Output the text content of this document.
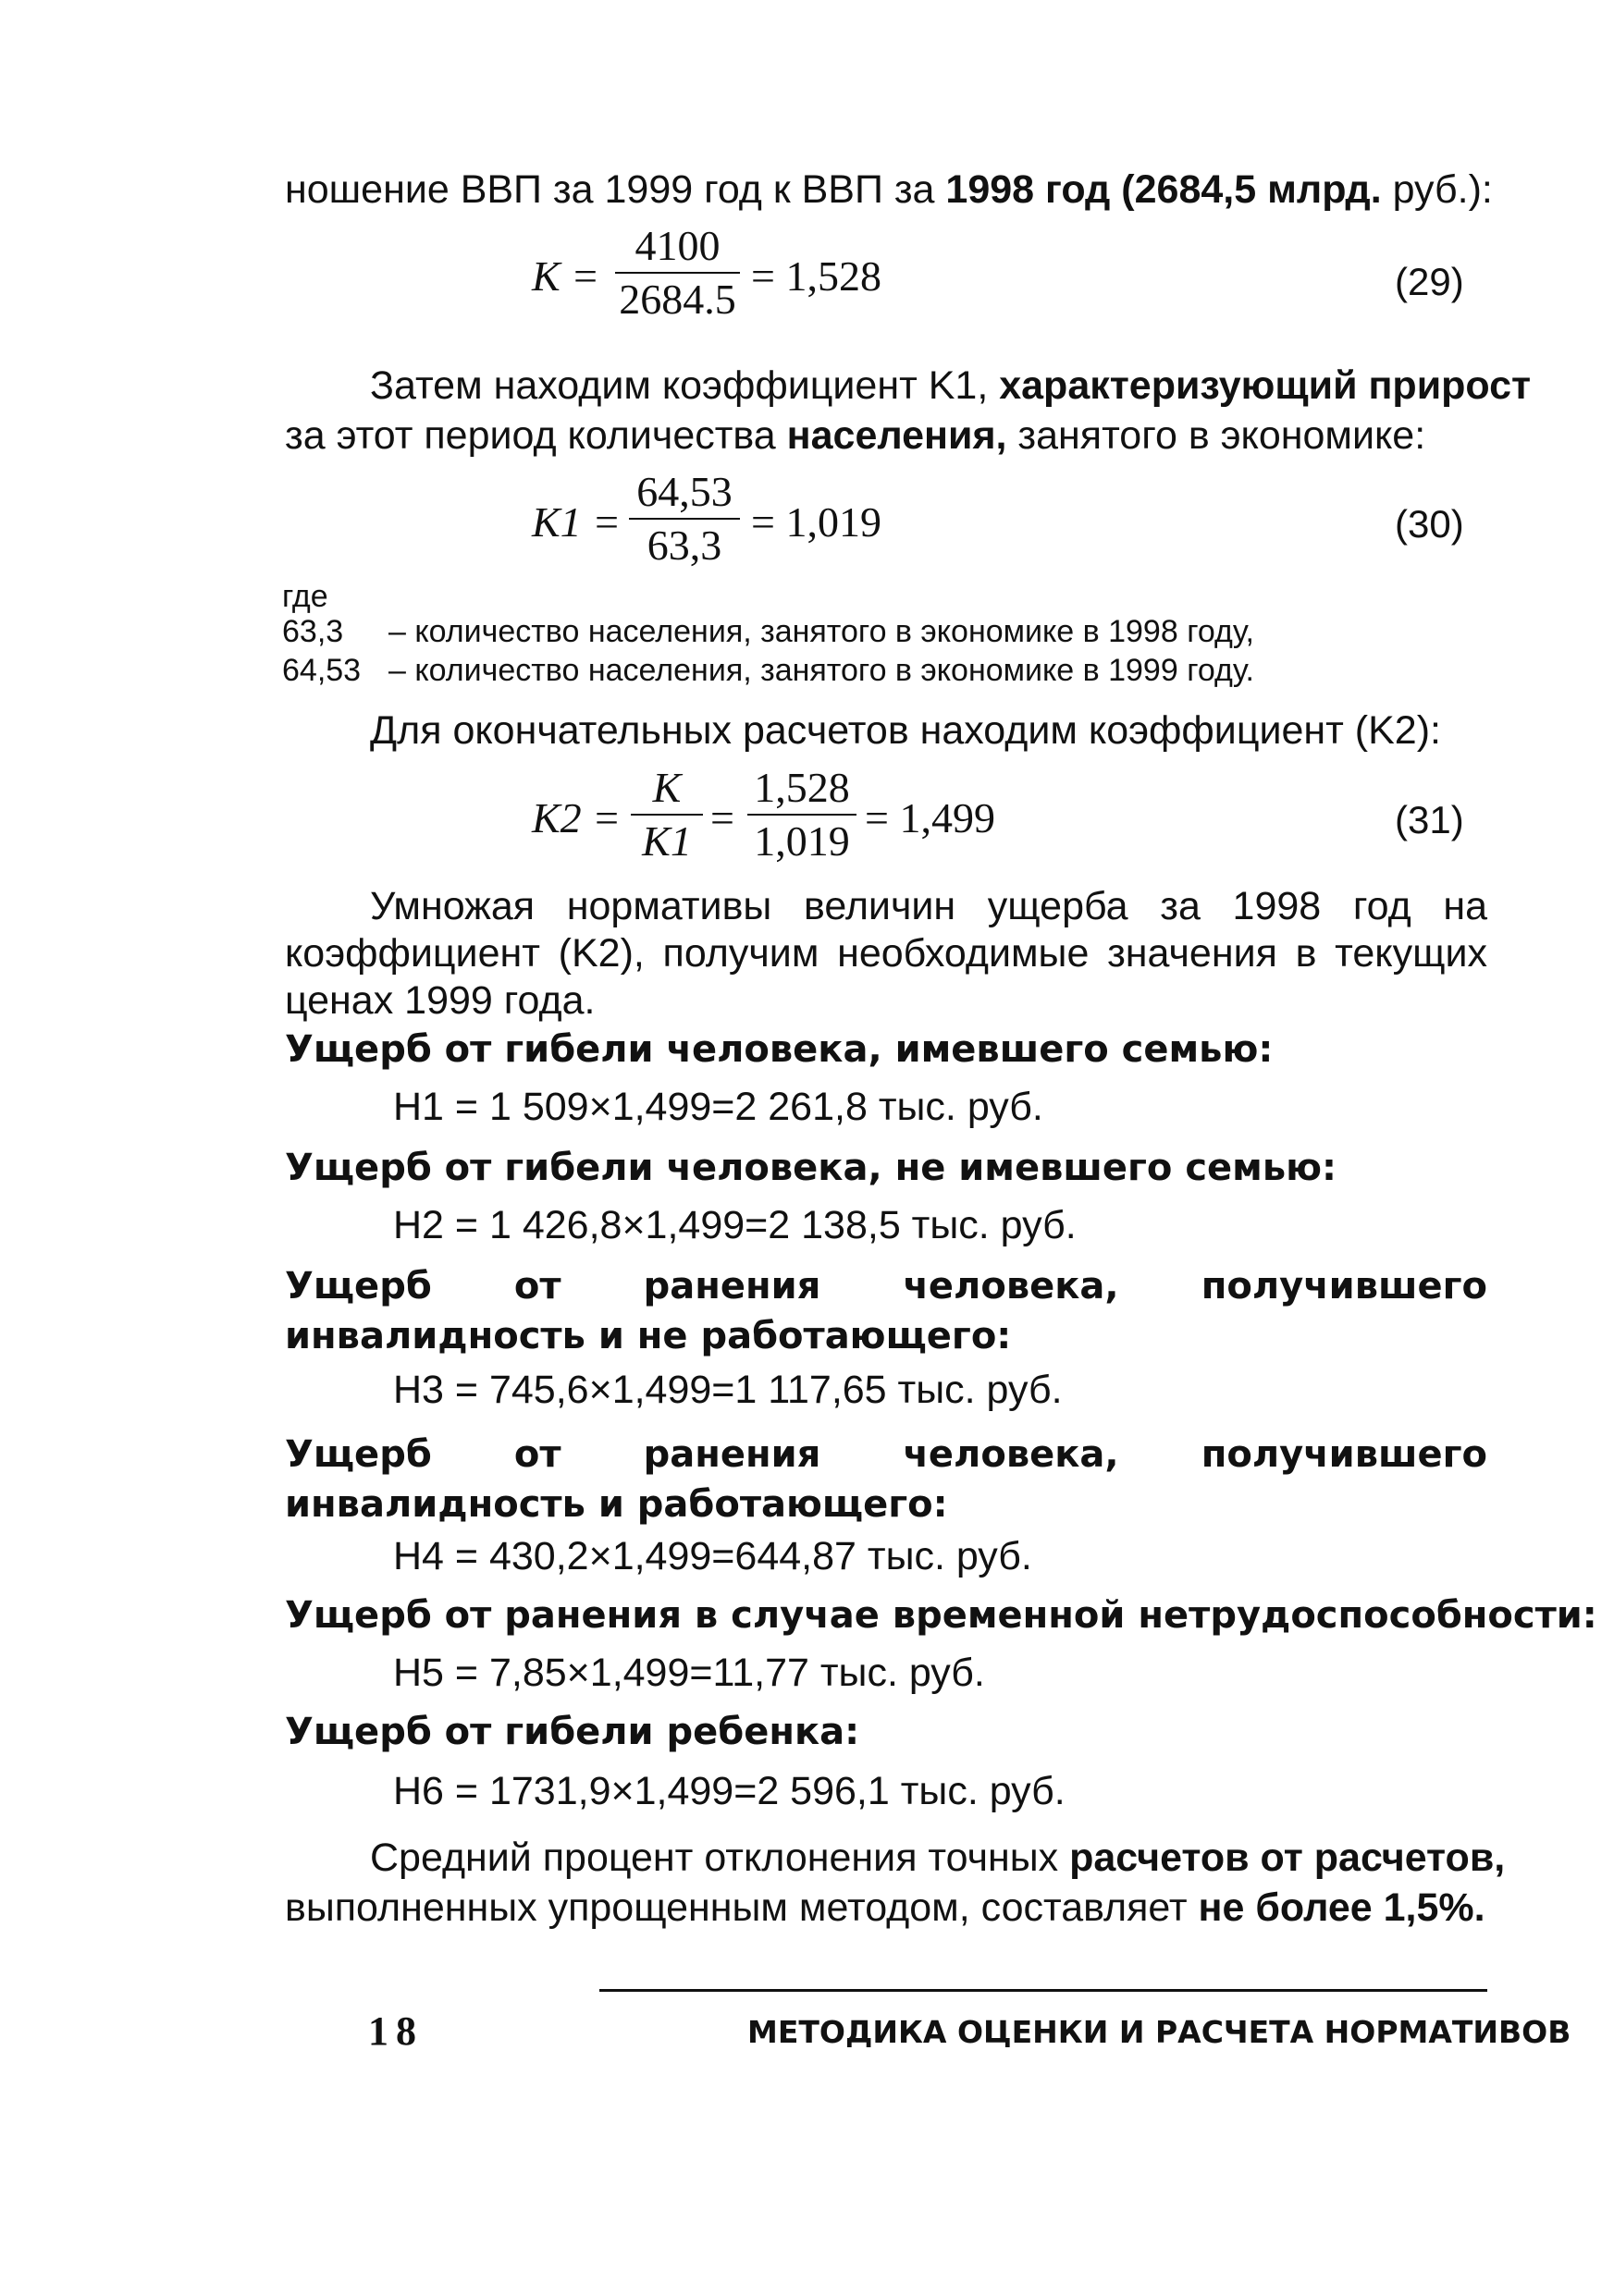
ношение ВВП за 1999 год к ВВП за 1998 год (2684,5 млрд. руб.):
K =
4100
2684.5 = 1,528	(29)
Затем находим коэффициент K1, характеризующий прирост
за этот период количества населения, занятого в экономике:
K1 =
64,53
63,3 = 1,019	(30)
где
63,3 – количество населения, занятого в экономике в 1998 году,
64,53 – количество населения, занятого в экономике в 1999 году.
Для окончательных расчетов находим коэффициент (K2):
K2 =
K
K1 =
1,528
1,019 = 1,499	(31)

Умножая нормативы величин ущерба за 1998 год на коэффициент (K2), получим необходимые значения в текущих ценах 1999 года.

Ущерб от гибели человека, имевшего семью:
H1 = 1 509×1,499=2 261,8 тыс. руб.
Ущерб от гибели человека, не имевшего семью:
H2 = 1 426,8×1,499=2 138,5 тыс. руб.
Ущерб от ранения человека, получившего инвалидность и не работающего:
H3 = 745,6×1,499=1 117,65 тыс. руб.
Ущерб от ранения человека, получившего инвалидность и работающего:
H4 = 430,2×1,499=644,87 тыс. руб.
Ущерб от ранения в случае временной нетрудоспособности:
H5 = 7,85×1,499=11,77 тыс. руб.
Ущерб от гибели ребенка:
H6 = 1731,9×1,499=2 596,1 тыс. руб.
Средний процент отклонения точных расчетов от расчетов,
выполненных упрощенным методом, составляет не более 1,5%.
18	МЕТОДИКА ОЦЕНКИ И РАСЧЕТА НОРМАТИВОВ
